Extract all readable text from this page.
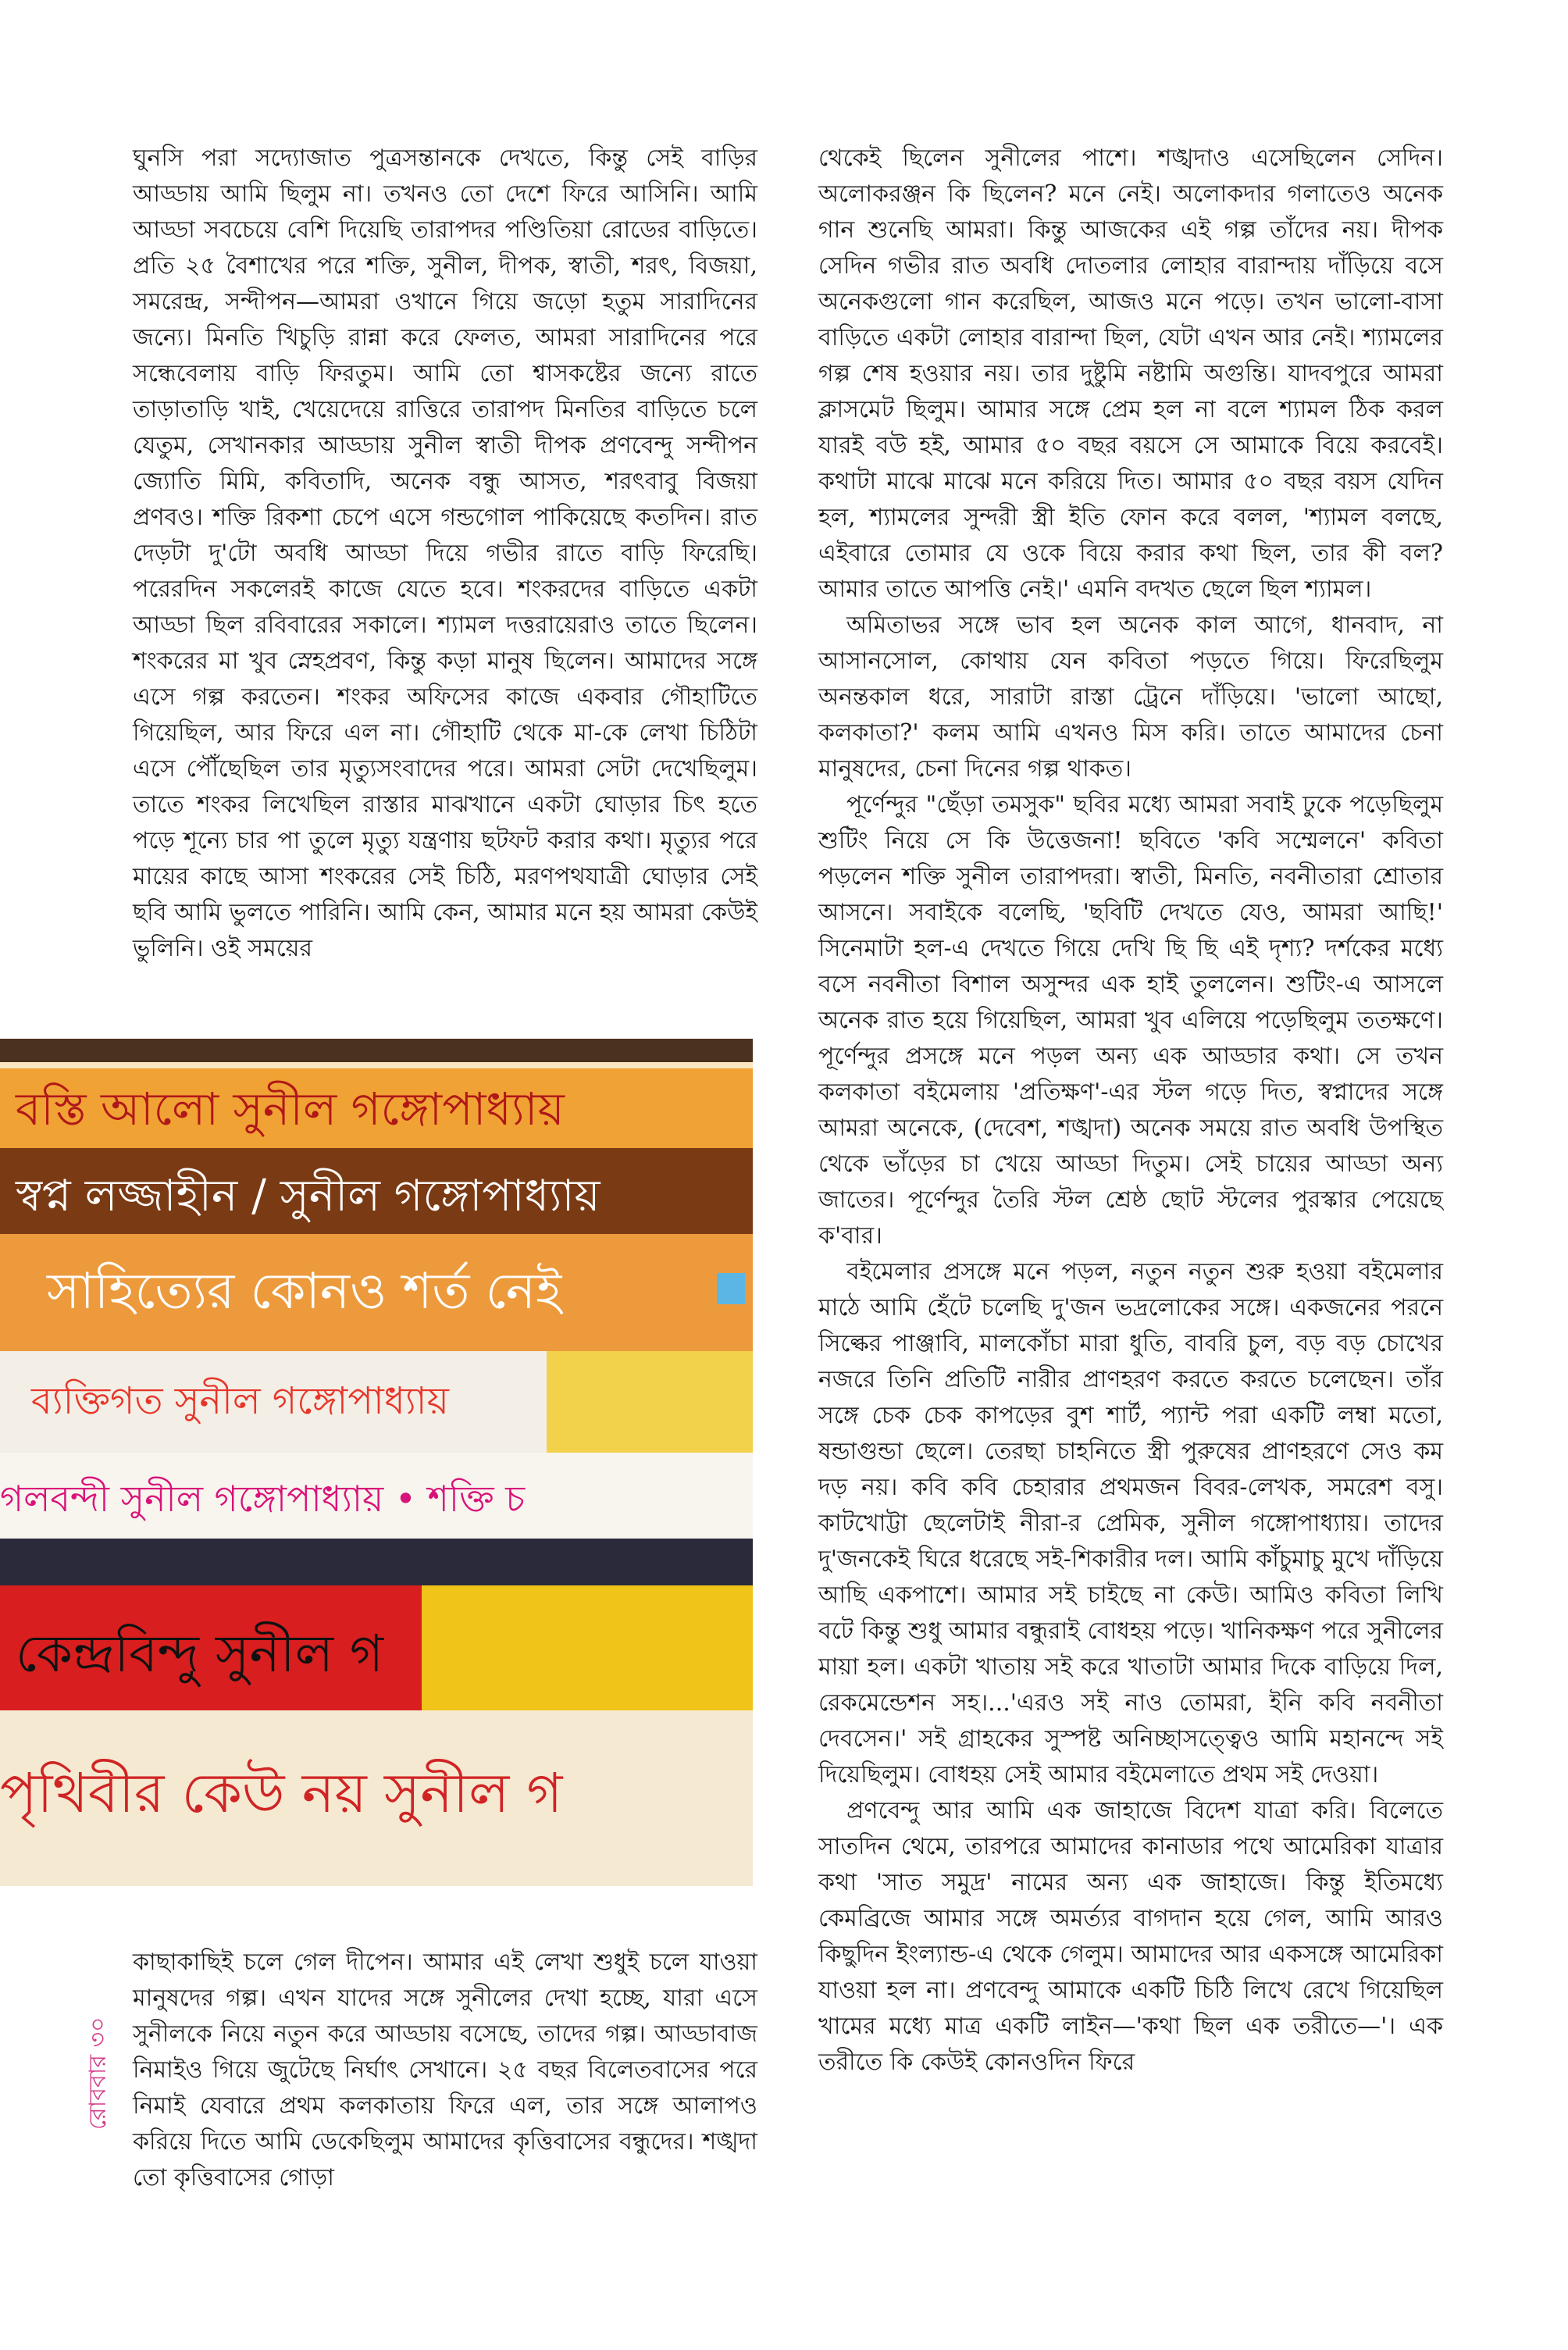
ঘুনসি পরা সদ্যোজাত পুত্রসন্তানকে দেখতে, কিন্তু সেই বাড়ির আড্ডায় আমি ছিলুম না। তখনও তো দেশে ফিরে আসিনি। আমি আড্ডা সবচেয়ে বেশি দিয়েছি তারাপদর পণ্ডিতিয়া রোডের বাড়িতে। প্রতি ২৫ বৈশাখের পরে শক্তি, সুনীল, দীপক, স্বাতী, শরৎ, বিজয়া, সমরেন্দ্র, সন্দীপন—আমরা ওখানে গিয়ে জড়ো হতুম সারাদিনের জন্যে। মিনতি খিচুড়ি রান্না করে ফেলত, আমরা সারাদিনের পরে সন্ধেবেলায় বাড়ি ফিরতুম। আমি তো শ্বাসকষ্টের জন্যে রাতে তাড়াতাড়ি খাই, খেয়েদেয়ে রাত্তিরে তারাপদ মিনতির বাড়িতে চলে যেতুম, সেখানকার আড্ডায় সুনীল স্বাতী দীপক প্রণবেন্দু সন্দীপন জ্যোতি মিমি, কবিতাদি, অনেক বন্ধু আসত, শরৎবাবু বিজয়া প্রণবও। শক্তি রিকশা চেপে এসে গন্ডগোল পাকিয়েছে কতদিন। রাত দেড়টা দু'টো অবধি আড্ডা দিয়ে গভীর রাতে বাড়ি ফিরেছি। পরেরদিন সকলেরই কাজে যেতে হবে। শংকরদের বাড়িতে একটা আড্ডা ছিল রবিবারের সকালে। শ্যামল দত্তরায়েরাও তাতে ছিলেন। শংকরের মা খুব স্নেহপ্রবণ, কিন্তু কড়া মানুষ ছিলেন। আমাদের সঙ্গে এসে গল্প করতেন। শংকর অফিসের কাজে একবার গৌহাটিতে গিয়েছিল, আর ফিরে এল না। গৌহাটি থেকে মা-কে লেখা চিঠিটা এসে পৌঁছেছিল তার মৃত্যুসংবাদের পরে। আমরা সেটা দেখেছিলুম। তাতে শংকর লিখেছিল রাস্তার মাঝখানে একটা ঘোড়ার চিৎ হতে পড়ে শূন্যে চার পা তুলে মৃত্যু যন্ত্রণায় ছটফট করার কথা। মৃত্যুর পরে মায়ের কাছে আসা শংকরের সেই চিঠি, মরণপথযাত্রী ঘোড়ার সেই ছবি আমি ভুলতে পারিনি। আমি কেন, আমার মনে হয় আমরা কেউই ভুলিনি। ওই সময়ের

বস্তি আলো সুনীল গঙ্গোপাধ্যায়
স্বপ্ন লজ্জাহীন / সুনীল গঙ্গোপাধ্যায়
সাহিত্যের কোনও শর্ত নেই
ব্যক্তিগত সুনীল গঙ্গোপাধ্যায়
গলবন্দী সুনীল গঙ্গোপাধ্যায় • শক্তি চ
কেন্দ্রবিন্দু সুনীল গ
পৃথিবীর কেউ নয় সুনীল গ

কাছাকাছিই চলে গেল দীপেন। আমার এই লেখা শুধুই চলে যাওয়া মানুষদের গল্প। এখন যাদের সঙ্গে সুনীলের দেখা হচ্ছে, যারা এসে সুনীলকে নিয়ে নতুন করে আড্ডায় বসেছে, তাদের গল্প। আড্ডাবাজ নিমাইও গিয়ে জুটেছে নির্ঘাৎ সেখানে। ২৫ বছর বিলেতবাসের পরে নিমাই যেবারে প্রথম কলকাতায় ফিরে এল, তার সঙ্গে আলাপও করিয়ে দিতে আমি ডেকেছিলুম আমাদের কৃত্তিবাসের বন্ধুদের। শঙ্খদা তো কৃত্তিবাসের গোড়া

থেকেই ছিলেন সুনীলের পাশে। শঙ্খদাও এসেছিলেন সেদিন। অলোকরঞ্জন কি ছিলেন? মনে নেই। অলোকদার গলাতেও অনেক গান শুনেছি আমরা। কিন্তু আজকের এই গল্প তাঁদের নয়। দীপক সেদিন গভীর রাত অবধি দোতলার লোহার বারান্দায় দাঁড়িয়ে বসে অনেকগুলো গান করেছিল, আজও মনে পড়ে। তখন ভালো-বাসা বাড়িতে একটা লোহার বারান্দা ছিল, যেটা এখন আর নেই। শ্যামলের গল্প শেষ হওয়ার নয়। তার দুষ্টুমি নষ্টামি অগুন্তি। যাদবপুরে আমরা ক্লাসমেট ছিলুম। আমার সঙ্গে প্রেম হল না বলে শ্যামল ঠিক করল যারই বউ হই, আমার ৫০ বছর বয়সে সে আমাকে বিয়ে করবেই। কথাটা মাঝে মাঝে মনে করিয়ে দিত। আমার ৫০ বছর বয়স যেদিন হল, শ্যামলের সুন্দরী স্ত্রী ইতি ফোন করে বলল, 'শ্যামল বলছে, এইবারে তোমার যে ওকে বিয়ে করার কথা ছিল, তার কী বল? আমার তাতে আপত্তি নেই।' এমনি বদখত ছেলে ছিল শ্যামল।

অমিতাভর সঙ্গে ভাব হল অনেক কাল আগে, ধানবাদ, না আসানসোল, কোথায় যেন কবিতা পড়তে গিয়ে। ফিরেছিলুম অনন্তকাল ধরে, সারাটা রাস্তা ট্রেনে দাঁড়িয়ে। 'ভালো আছো, কলকাতা?' কলম আমি এখনও মিস করি। তাতে আমাদের চেনা মানুষদের, চেনা দিনের গল্প থাকত।

পূর্ণেন্দুর "ছেঁড়া তমসুক" ছবির মধ্যে আমরা সবাই ঢুকে পড়েছিলুম শুটিং নিয়ে সে কি উত্তেজনা! ছবিতে 'কবি সম্মেলনে' কবিতা পড়লেন শক্তি সুনীল তারাপদরা। স্বাতী, মিনতি, নবনীতারা শ্রোতার আসনে। সবাইকে বলেছি, 'ছবিটি দেখতে যেও, আমরা আছি!' সিনেমাটা হল-এ দেখতে গিয়ে দেখি ছি ছি এই দৃশ্য? দর্শকের মধ্যে বসে নবনীতা বিশাল অসুন্দর এক হাই তুললেন। শুটিং-এ আসলে অনেক রাত হয়ে গিয়েছিল, আমরা খুব এলিয়ে পড়েছিলুম ততক্ষণে। পূর্ণেন্দুর প্রসঙ্গে মনে পড়ল অন্য এক আড্ডার কথা। সে তখন কলকাতা বইমেলায় 'প্রতিক্ষণ'-এর স্টল গড়ে দিত, স্বপ্নাদের সঙ্গে আমরা অনেকে, (দেবেশ, শঙ্খদা) অনেক সময়ে রাত অবধি উপস্থিত থেকে ভাঁড়ের চা খেয়ে আড্ডা দিতুম। সেই চায়ের আড্ডা অন্য জাতের। পূর্ণেন্দুর তৈরি স্টল শ্রেষ্ঠ ছোট স্টলের পুরস্কার পেয়েছে ক'বার।

বইমেলার প্রসঙ্গে মনে পড়ল, নতুন নতুন শুরু হওয়া বইমেলার মাঠে আমি হেঁটে চলেছি দু'জন ভদ্রলোকের সঙ্গে। একজনের পরনে সিল্কের পাঞ্জাবি, মালকোঁচা মারা ধুতি, বাবরি চুল, বড় বড় চোখের নজরে তিনি প্রতিটি নারীর প্রাণহরণ করতে করতে চলেছেন। তাঁর সঙ্গে চেক চেক কাপড়ের বুশ শার্ট, প্যান্ট পরা একটি লম্বা মতো, ষন্ডাগুন্ডা ছেলে। তেরছা চাহনিতে স্ত্রী পুরুষের প্রাণহরণে সেও কম দড় নয়। কবি কবি চেহারার প্রথমজন বিবর-লেখক, সমরেশ বসু। কাটখোট্টা ছেলেটাই নীরা-র প্রেমিক, সুনীল গঙ্গোপাধ্যায়। তাদের দু'জনকেই ঘিরে ধরেছে সই-শিকারীর দল। আমি কাঁচুমাচু মুখে দাঁড়িয়ে আছি একপাশে। আমার সই চাইছে না কেউ। আমিও কবিতা লিখি বটে কিন্তু শুধু আমার বন্ধুরাই বোধহয় পড়ে। খানিকক্ষণ পরে সুনীলের মায়া হল। একটা খাতায় সই করে খাতাটা আমার দিকে বাড়িয়ে দিল, রেকমেন্ডেশন সহ।...'এরও সই নাও তোমরা, ইনি কবি নবনীতা দেবসেন।' সই গ্রাহকের সুস্পষ্ট অনিচ্ছাসত্ত্বেও আমি মহানন্দে সই দিয়েছিলুম। বোধহয় সেই আমার বইমেলাতে প্রথম সই দেওয়া।

প্রণবেন্দু আর আমি এক জাহাজে বিদেশ যাত্রা করি। বিলেতে সাতদিন থেমে, তারপরে আমাদের কানাডার পথে আমেরিকা যাত্রার কথা 'সাত সমুদ্র' নামের অন্য এক জাহাজে। কিন্তু ইতিমধ্যে কেমব্রিজে আমার সঙ্গে অমর্ত্যর বাগদান হয়ে গেল, আমি আরও কিছুদিন ইংল্যান্ড-এ থেকে গেলুম। আমাদের আর একসঙ্গে আমেরিকা যাওয়া হল না। প্রণবেন্দু আমাকে একটি চিঠি লিখে রেখে গিয়েছিল খামের মধ্যে মাত্র একটি লাইন—'কথা ছিল এক তরীতে—'। এক তরীতে কি কেউই কোনওদিন ফিরে

রোববার ৩০
